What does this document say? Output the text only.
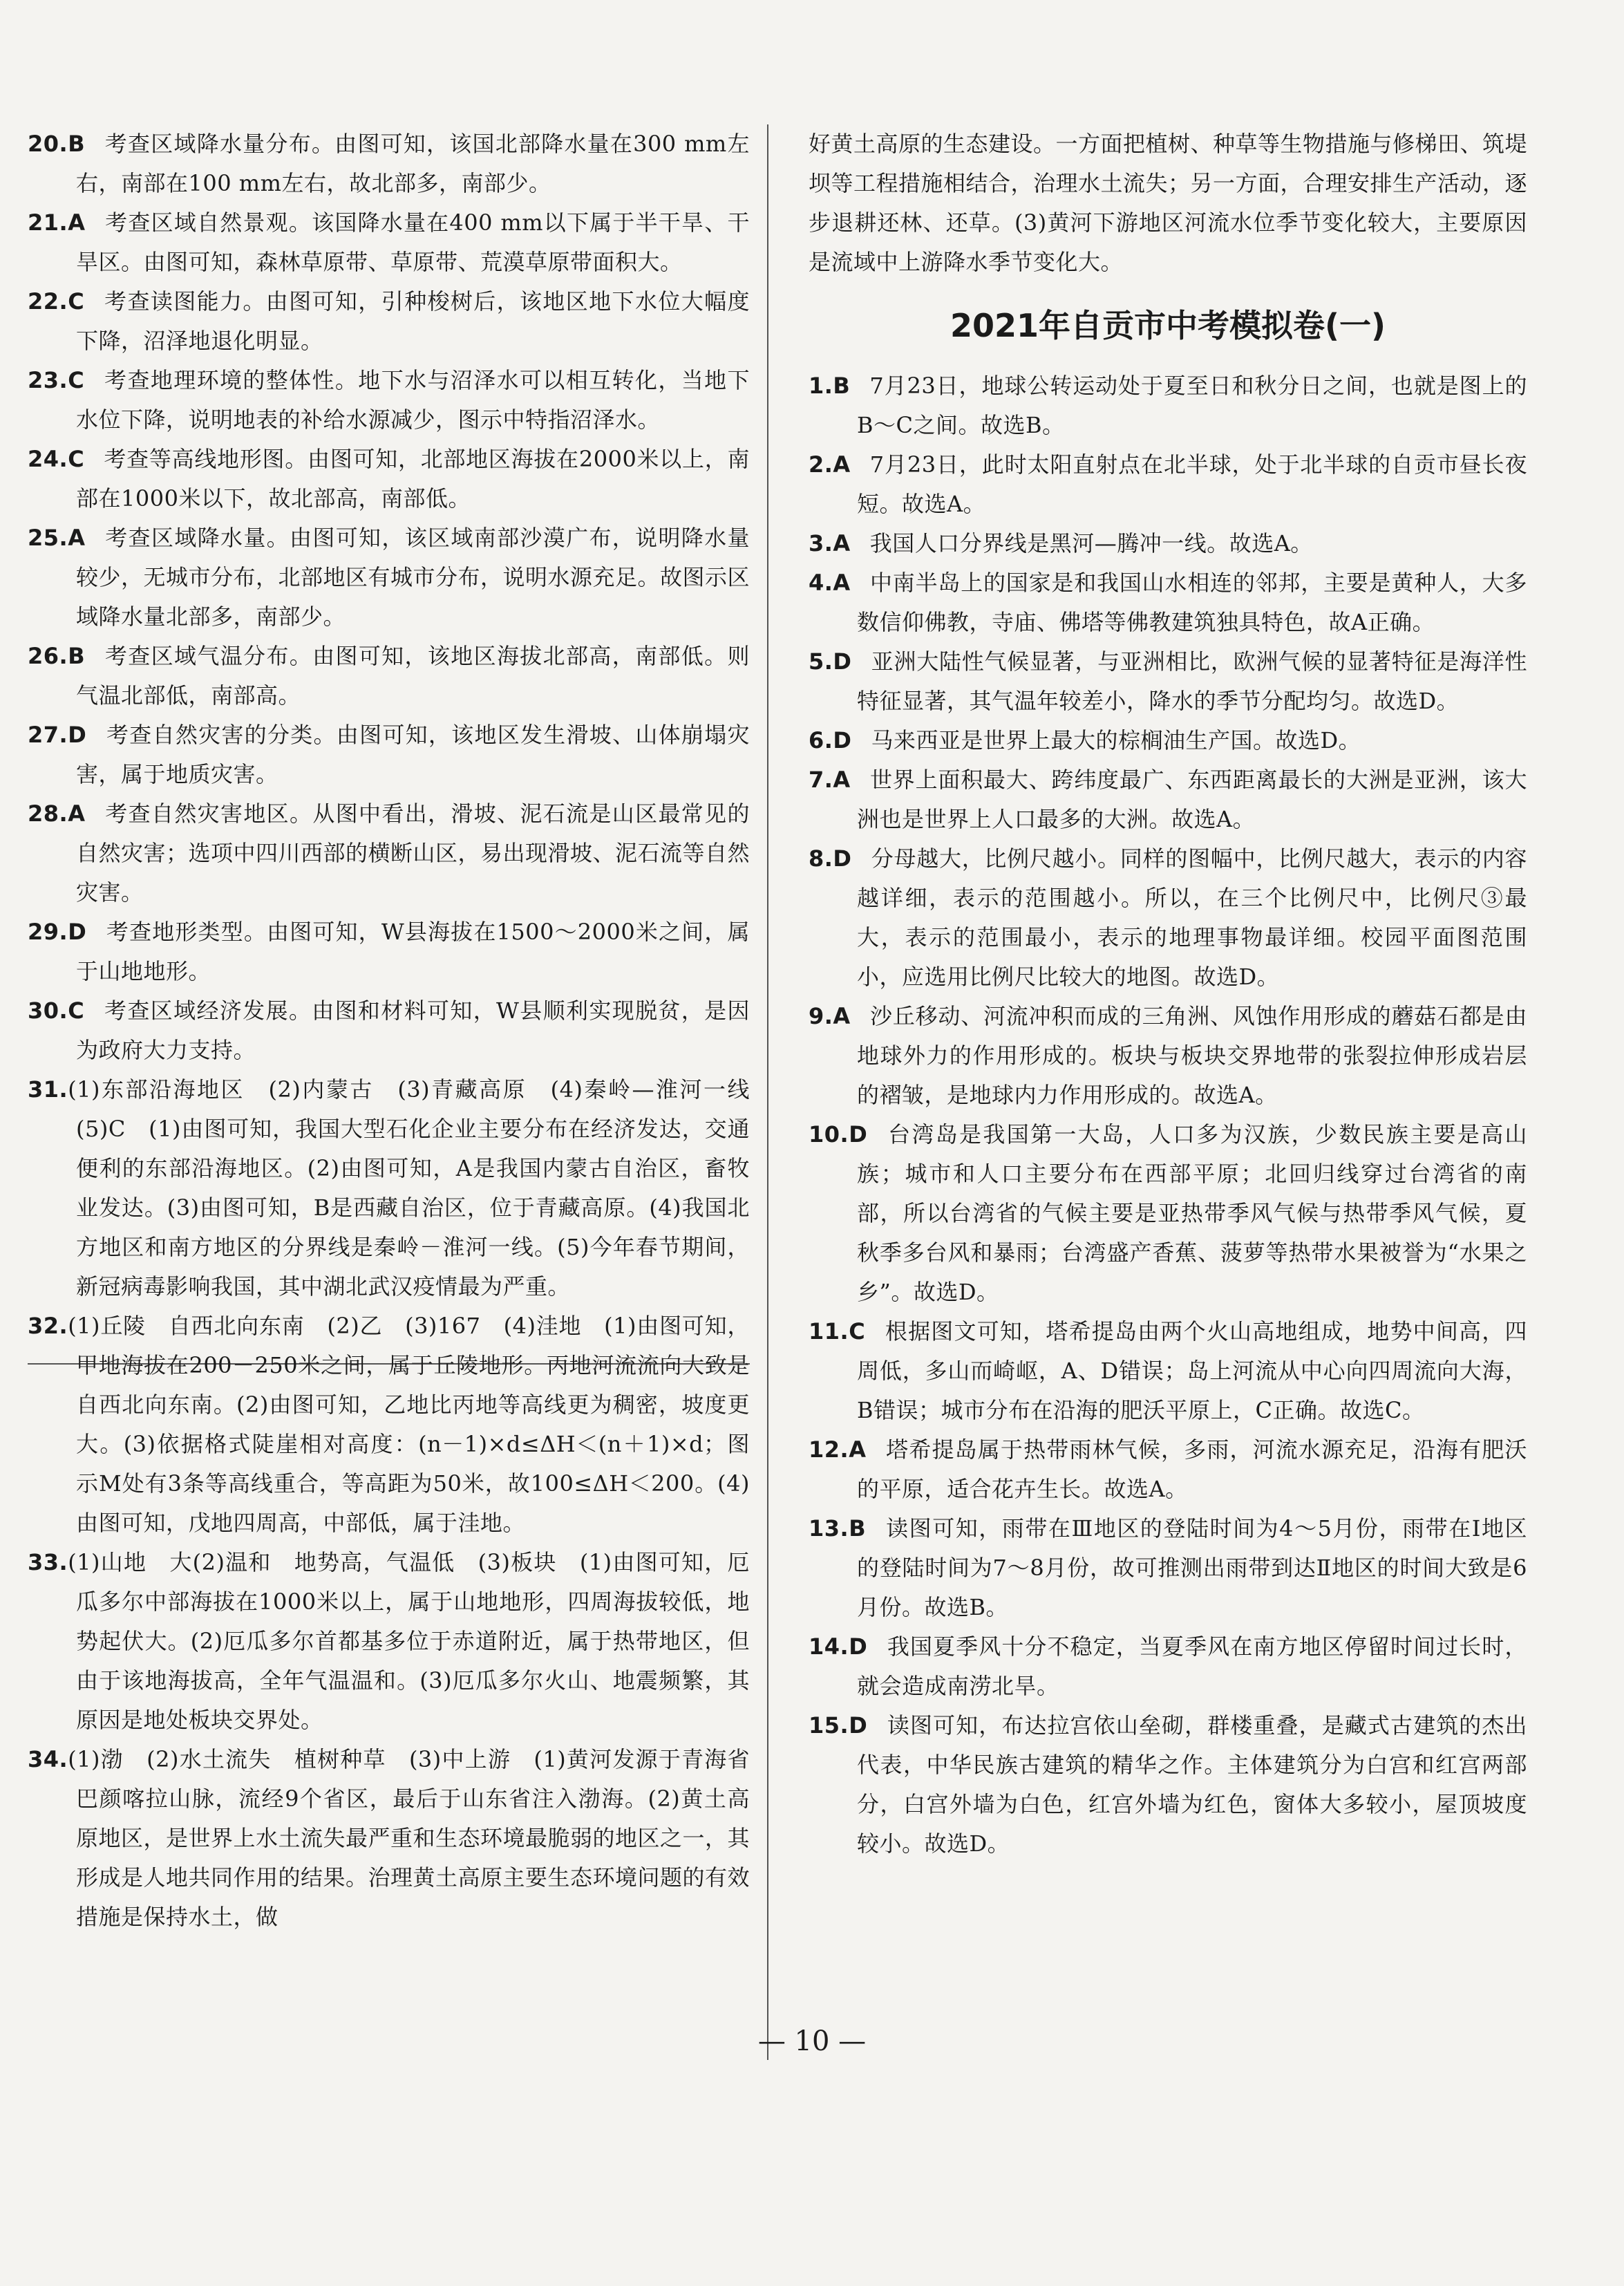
20.B 考查区域降水量分布。由图可知，该国北部降水量在300 mm左右，南部在100 mm左右，故北部多，南部少。

21.A 考查区域自然景观。该国降水量在400 mm以下属于半干旱、干旱区。由图可知，森林草原带、草原带、荒漠草原带面积大。

22.C 考查读图能力。由图可知，引种梭树后，该地区地下水位大幅度下降，沼泽地退化明显。

23.C 考查地理环境的整体性。地下水与沼泽水可以相互转化，当地下水位下降，说明地表的补给水源减少，图示中特指沼泽水。

24.C 考查等高线地形图。由图可知，北部地区海拔在2000米以上，南部在1000米以下，故北部高，南部低。

25.A 考查区域降水量。由图可知，该区域南部沙漠广布，说明降水量较少，无城市分布，北部地区有城市分布，说明水源充足。故图示区域降水量北部多，南部少。

26.B 考查区域气温分布。由图可知，该地区海拔北部高，南部低。则气温北部低，南部高。

27.D 考查自然灾害的分类。由图可知，该地区发生滑坡、山体崩塌灾害，属于地质灾害。

28.A 考查自然灾害地区。从图中看出，滑坡、泥石流是山区最常见的自然灾害；选项中四川西部的横断山区，易出现滑坡、泥石流等自然灾害。

29.D 考查地形类型。由图可知，W县海拔在1500～2000米之间，属于山地地形。

30.C 考查区域经济发展。由图和材料可知，W县顺利实现脱贫，是因为政府大力支持。

31.(1)东部沿海地区　(2)内蒙古　(3)青藏高原　(4)秦岭—淮河一线　(5)C　(1)由图可知，我国大型石化企业主要分布在经济发达，交通便利的东部沿海地区。(2)由图可知，A是我国内蒙古自治区，畜牧业发达。(3)由图可知，B是西藏自治区，位于青藏高原。(4)我国北方地区和南方地区的分界线是秦岭－淮河一线。(5)今年春节期间，新冠病毒影响我国，其中湖北武汉疫情最为严重。

32.(1)丘陵　自西北向东南　(2)乙　(3)167　(4)洼地　(1)由图可知，甲地海拔在200－250米之间，属于丘陵地形。丙地河流流向大致是自西北向东南。(2)由图可知，乙地比丙地等高线更为稠密，坡度更大。(3)依据格式陡崖相对高度：(n－1)×d≤ΔH＜(n＋1)×d；图示M处有3条等高线重合，等高距为50米，故100≤ΔH＜200。(4)由图可知，戊地四周高，中部低，属于洼地。

33.(1)山地　大(2)温和　地势高，气温低　(3)板块　(1)由图可知，厄瓜多尔中部海拔在1000米以上，属于山地地形，四周海拔较低，地势起伏大。(2)厄瓜多尔首都基多位于赤道附近，属于热带地区，但由于该地海拔高，全年气温温和。(3)厄瓜多尔火山、地震频繁，其原因是地处板块交界处。

34.(1)渤　(2)水土流失　植树种草　(3)中上游　(1)黄河发源于青海省巴颜喀拉山脉，流经9个省区，最后于山东省注入渤海。(2)黄土高原地区，是世界上水土流失最严重和生态环境最脆弱的地区之一，其形成是人地共同作用的结果。治理黄土高原主要生态环境问题的有效措施是保持水土，做

好黄土高原的生态建设。一方面把植树、种草等生物措施与修梯田、筑堤坝等工程措施相结合，治理水土流失；另一方面，合理安排生产活动，逐步退耕还林、还草。(3)黄河下游地区河流水位季节变化较大，主要原因是流域中上游降水季节变化大。

2021年自贡市中考模拟卷(一)

1.B 7月23日，地球公转运动处于夏至日和秋分日之间，也就是图上的B～C之间。故选B。

2.A 7月23日，此时太阳直射点在北半球，处于北半球的自贡市昼长夜短。故选A。

3.A 我国人口分界线是黑河—腾冲一线。故选A。

4.A 中南半岛上的国家是和我国山水相连的邻邦，主要是黄种人，大多数信仰佛教，寺庙、佛塔等佛教建筑独具特色，故A正确。

5.D 亚洲大陆性气候显著，与亚洲相比，欧洲气候的显著特征是海洋性特征显著，其气温年较差小，降水的季节分配均匀。故选D。

6.D 马来西亚是世界上最大的棕榈油生产国。故选D。

7.A 世界上面积最大、跨纬度最广、东西距离最长的大洲是亚洲，该大洲也是世界上人口最多的大洲。故选A。

8.D 分母越大，比例尺越小。同样的图幅中，比例尺越大，表示的内容越详细，表示的范围越小。所以，在三个比例尺中，比例尺③最大，表示的范围最小，表示的地理事物最详细。校园平面图范围小，应选用比例尺比较大的地图。故选D。

9.A 沙丘移动、河流冲积而成的三角洲、风蚀作用形成的蘑菇石都是由地球外力的作用形成的。板块与板块交界地带的张裂拉伸形成岩层的褶皱，是地球内力作用形成的。故选A。

10.D 台湾岛是我国第一大岛，人口多为汉族，少数民族主要是高山族；城市和人口主要分布在西部平原；北回归线穿过台湾省的南部，所以台湾省的气候主要是亚热带季风气候与热带季风气候，夏秋季多台风和暴雨；台湾盛产香蕉、菠萝等热带水果被誉为“水果之乡”。故选D。

11.C 根据图文可知，塔希提岛由两个火山高地组成，地势中间高，四周低，多山而崎岖，A、D错误；岛上河流从中心向四周流向大海，B错误；城市分布在沿海的肥沃平原上，C正确。故选C。

12.A 塔希提岛属于热带雨林气候，多雨，河流水源充足，沿海有肥沃的平原，适合花卉生长。故选A。

13.B 读图可知，雨带在Ⅲ地区的登陆时间为4～5月份，雨带在Ⅰ地区的登陆时间为7～8月份，故可推测出雨带到达Ⅱ地区的时间大致是6月份。故选B。

14.D 我国夏季风十分不稳定，当夏季风在南方地区停留时间过长时，就会造成南涝北旱。

15.D 读图可知，布达拉宫依山垒砌，群楼重叠，是藏式古建筑的杰出代表，中华民族古建筑的精华之作。主体建筑分为白宫和红宫两部分，白宫外墙为白色，红宫外墙为红色，窗体大多较小，屋顶坡度较小。故选D。

— 10 —
